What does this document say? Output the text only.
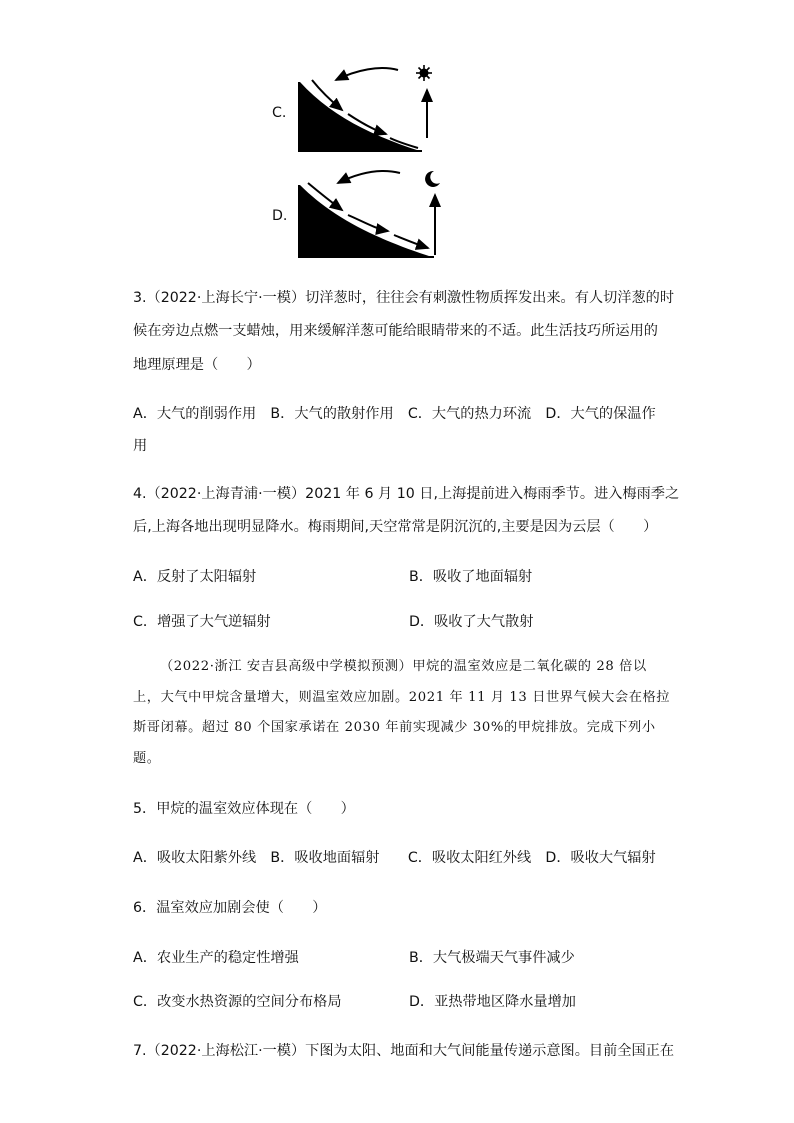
C.
D.
3.（2022·上海长宁·一模）切洋葱时，往往会有刺激性物质挥发出来。有人切洋葱的时
候在旁边点燃一支蜡烛，用来缓解洋葱可能给眼睛带来的不适。此生活技巧所运用的
地理原理是（　　）
A．大气的削弱作用　B．大气的散射作用　C．大气的热力环流　D．大气的保温作
用
4.（2022·上海青浦·一模）2021 年 6 月 10 日,上海提前进入梅雨季节。进入梅雨季之
后,上海各地出现明显降水。梅雨期间,天空常常是阴沉沉的,主要是因为云层（　　）
A．反射了太阳辐射	B．吸收了地面辐射
C．增强了大气逆辐射	D．吸收了大气散射
（2022·浙江 安吉县高级中学模拟预测）甲烷的温室效应是二氧化碳的 28 倍以
上，大气中甲烷含量增大，则温室效应加剧。2021 年 11 月 13 日世界气候大会在格拉
斯哥闭幕。超过 80 个国家承诺在 2030 年前实现减少 30%的甲烷排放。完成下列小
题。
5．甲烷的温室效应体现在（　　）
A．吸收太阳紫外线　B．吸收地面辐射　　C．吸收太阳红外线　D．吸收大气辐射
6．温室效应加剧会使（　　）
A．农业生产的稳定性增强	B．大气极端天气事件减少
C．改变水热资源的空间分布格局	D．亚热带地区降水量增加
7.（2022·上海松江·一模）下图为太阳、地面和大气间能量传递示意图。目前全国正在
